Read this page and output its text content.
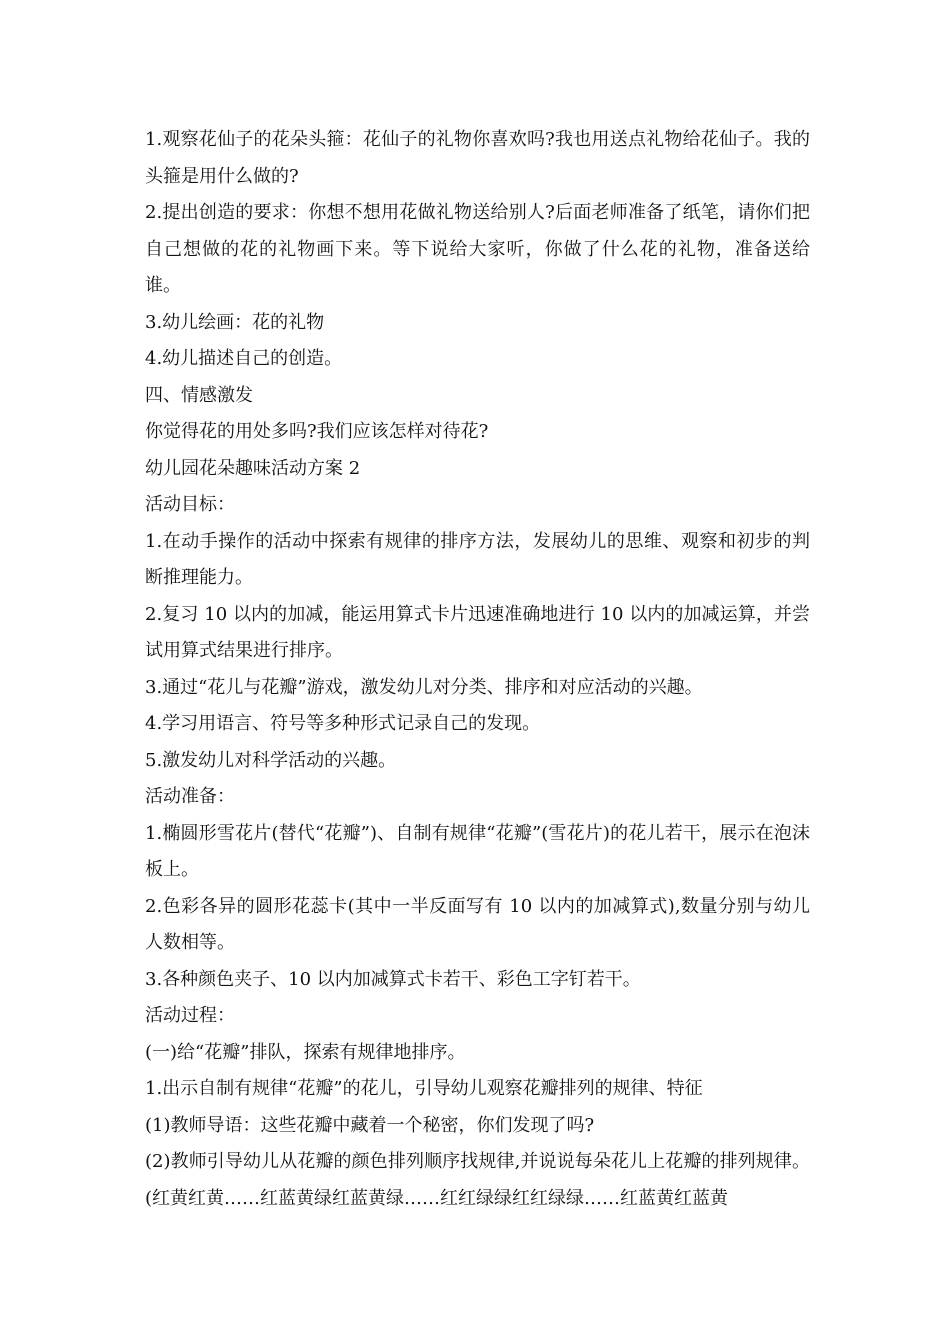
1.观察花仙子的花朵头箍：花仙子的礼物你喜欢吗?我也用送点礼物给花仙子。我的头箍是用什么做的?

2.提出创造的要求：你想不想用花做礼物送给别人?后面老师准备了纸笔，请你们把自己想做的花的礼物画下来。等下说给大家听，你做了什么花的礼物，准备送给谁。

3.幼儿绘画：花的礼物

4.幼儿描述自己的创造。

四、情感激发

你觉得花的用处多吗?我们应该怎样对待花?

幼儿园花朵趣味活动方案 2

活动目标：

1.在动手操作的活动中探索有规律的排序方法，发展幼儿的思维、观察和初步的判断推理能力。

2.复习 10 以内的加减，能运用算式卡片迅速准确地进行 10 以内的加减运算，并尝试用算式结果进行排序。

3.通过“花儿与花瓣”游戏，激发幼儿对分类、排序和对应活动的兴趣。

4.学习用语言、符号等多种形式记录自己的发现。

5.激发幼儿对科学活动的兴趣。

活动准备：

1.椭圆形雪花片(替代“花瓣”)、自制有规律“花瓣”(雪花片)的花儿若干，展示在泡沫板上。

2.色彩各异的圆形花蕊卡(其中一半反面写有 10 以内的加减算式),数量分别与幼儿人数相等。

3.各种颜色夹子、10 以内加减算式卡若干、彩色工字钉若干。

活动过程：

(一)给“花瓣”排队，探索有规律地排序。

1.出示自制有规律“花瓣”的花儿，引导幼儿观察花瓣排列的规律、特征

(1)教师导语：这些花瓣中藏着一个秘密，你们发现了吗?

(2)教师引导幼儿从花瓣的颜色排列顺序找规律,并说说每朵花儿上花瓣的排列规律。(红黄红黄……红蓝黄绿红蓝黄绿……红红绿绿红红绿绿……红蓝黄红蓝黄
